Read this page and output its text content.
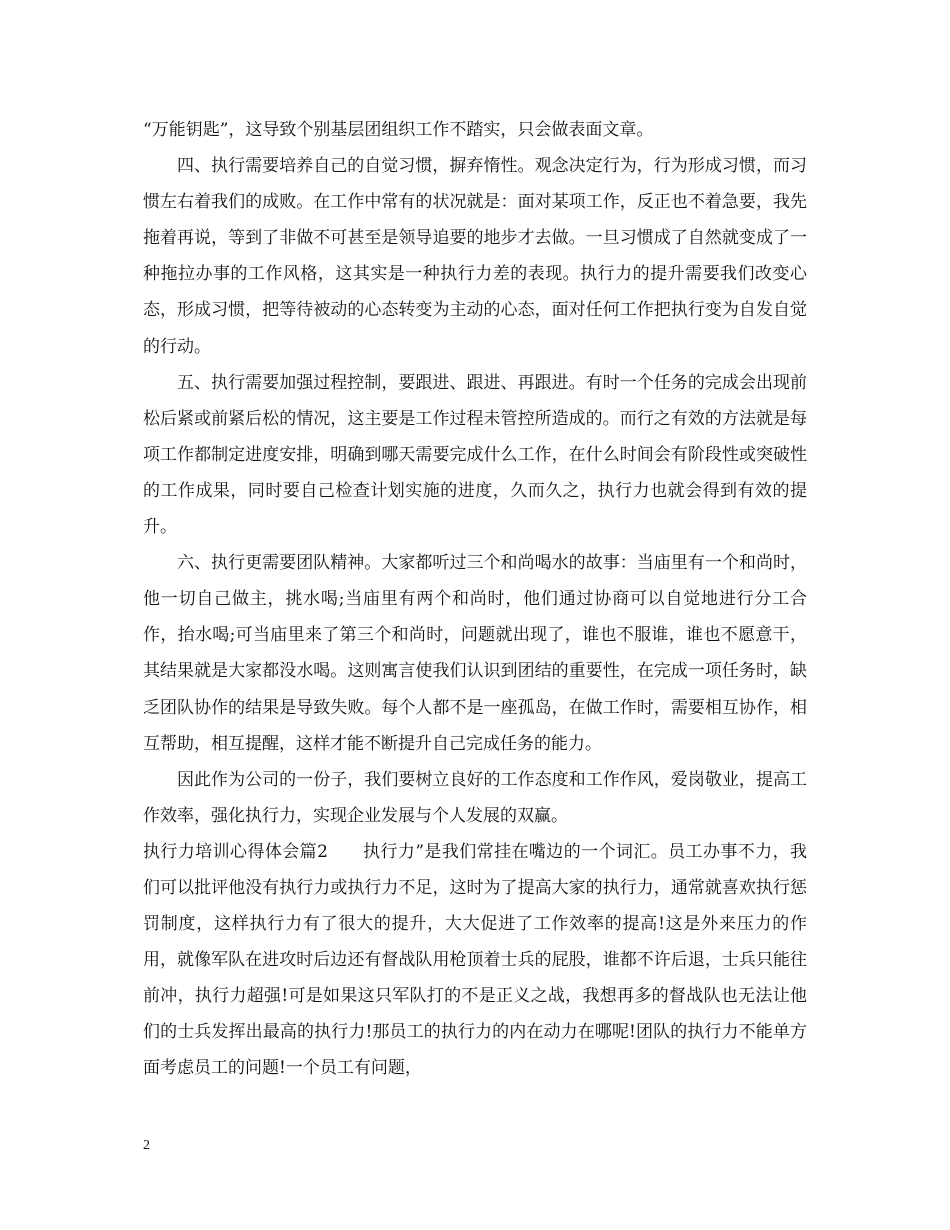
“万能钥匙”，这导致个别基层团组织工作不踏实，只会做表面文章。

四、执行需要培养自己的自觉习惯，摒弃惰性。观念决定行为，行为形成习惯，而习惯左右着我们的成败。在工作中常有的状况就是：面对某项工作，反正也不着急要，我先拖着再说，等到了非做不可甚至是领导追要的地步才去做。一旦习惯成了自然就变成了一种拖拉办事的工作风格，这其实是一种执行力差的表现。执行力的提升需要我们改变心态，形成习惯，把等待被动的心态转变为主动的心态，面对任何工作把执行变为自发自觉的行动。

五、执行需要加强过程控制，要跟进、跟进、再跟进。有时一个任务的完成会出现前松后紧或前紧后松的情况，这主要是工作过程未管控所造成的。而行之有效的方法就是每项工作都制定进度安排，明确到哪天需要完成什么工作，在什么时间会有阶段性或突破性的工作成果，同时要自己检查计划实施的进度，久而久之，执行力也就会得到有效的提升。

六、执行更需要团队精神。大家都听过三个和尚喝水的故事：当庙里有一个和尚时，他一切自己做主，挑水喝;当庙里有两个和尚时，他们通过协商可以自觉地进行分工合作，抬水喝;可当庙里来了第三个和尚时，问题就出现了，谁也不服谁，谁也不愿意干，其结果就是大家都没水喝。这则寓言使我们认识到团结的重要性，在完成一项任务时，缺乏团队协作的结果是导致失败。每个人都不是一座孤岛，在做工作时，需要相互协作，相互帮助，相互提醒，这样才能不断提升自己完成任务的能力。

因此作为公司的一份子，我们要树立良好的工作态度和工作作风，爱岗敬业，提高工作效率，强化执行力，实现企业发展与个人发展的双赢。

执行力培训心得体会篇2　　执行力”是我们常挂在嘴边的一个词汇。员工办事不力，我们可以批评他没有执行力或执行力不足，这时为了提高大家的执行力，通常就喜欢执行惩罚制度，这样执行力有了很大的提升，大大促进了工作效率的提高!这是外来压力的作用，就像军队在进攻时后边还有督战队用枪顶着士兵的屁股，谁都不许后退，士兵只能往前冲，执行力超强!可是如果这只军队打的不是正义之战，我想再多的督战队也无法让他们的士兵发挥出最高的执行力!那员工的执行力的内在动力在哪呢!团队的执行力不能单方面考虑员工的问题!一个员工有问题，

2
